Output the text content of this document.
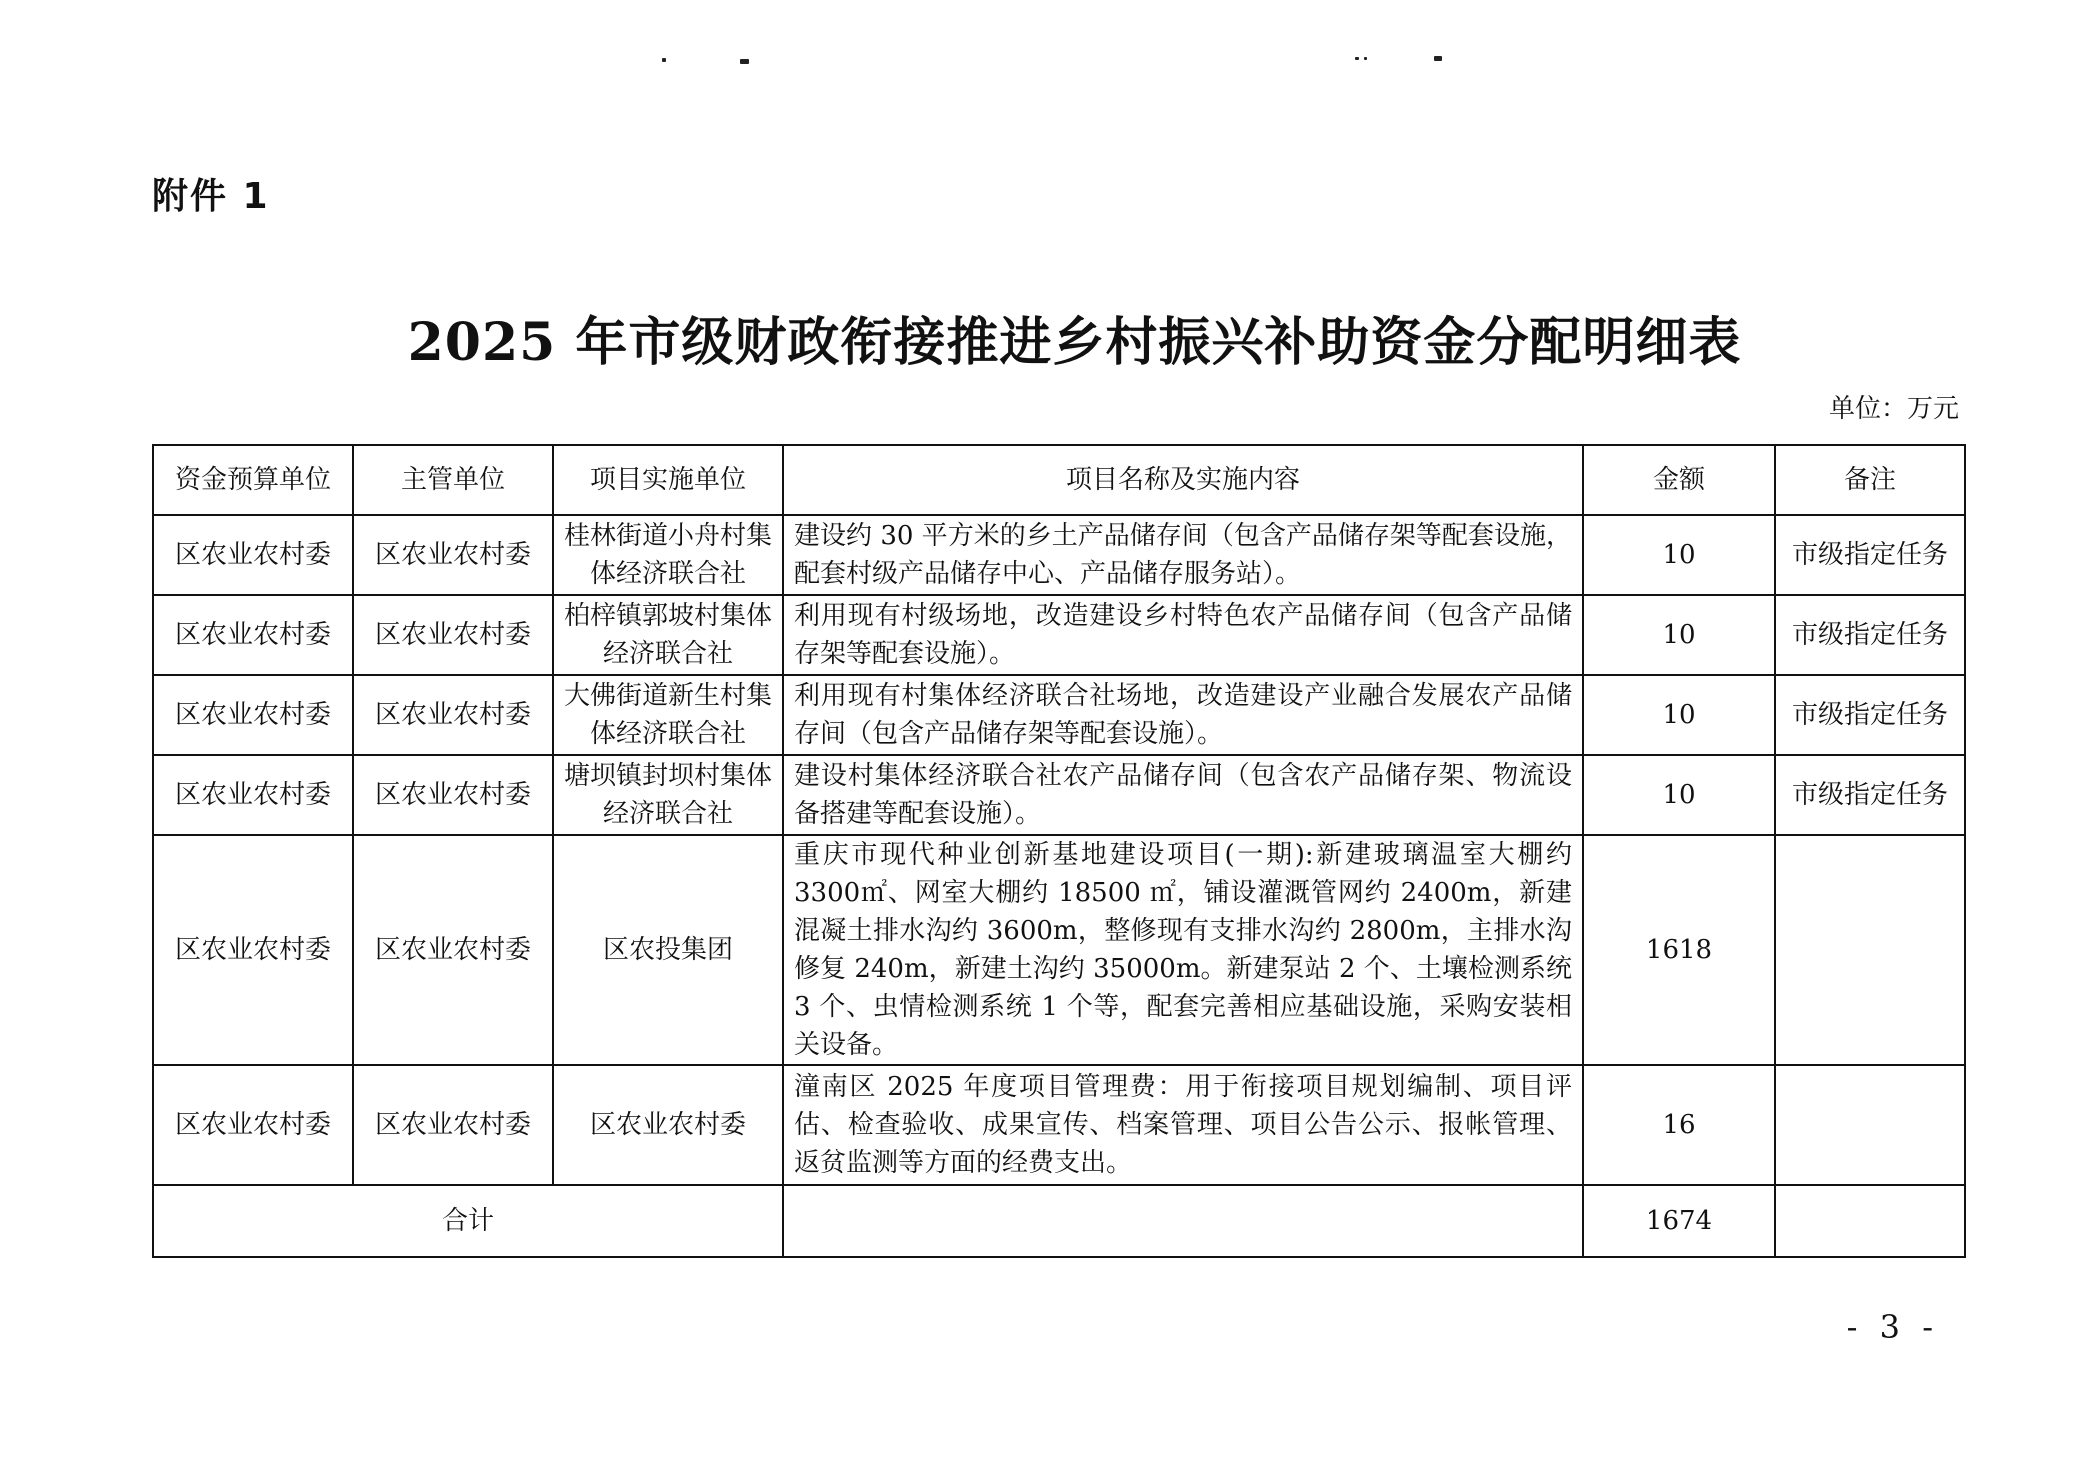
附件 1
2025 年市级财政衔接推进乡村振兴补助资金分配明细表
单位：万元
资金预算单位	主管单位	项目实施单位	项目名称及实施内容	金额	备注
区农业农村委	区农业农村委	桂林街道小舟村集体经济联合社	建设约 30 平方米的乡土产品储存间（包含产品储存架等配套设施，配套村级产品储存中心、产品储存服务站）。	10	市级指定任务
区农业农村委	区农业农村委	柏梓镇郭坡村集体经济联合社	利用现有村级场地，改造建设乡村特色农产品储存间（包含产品储存架等配套设施）。	10	市级指定任务
区农业农村委	区农业农村委	大佛街道新生村集体经济联合社	利用现有村集体经济联合社场地，改造建设产业融合发展农产品储存间（包含产品储存架等配套设施）。	10	市级指定任务
区农业农村委	区农业农村委	塘坝镇封坝村集体经济联合社	建设村集体经济联合社农产品储存间（包含农产品储存架、物流设备搭建等配套设施）。	10	市级指定任务
区农业农村委	区农业农村委	区农投集团	重庆市现代种业创新基地建设项目(一期):新建玻璃温室大棚约 3300㎡、网室大棚约 18500 ㎡，铺设灌溉管网约 2400m，新建混凝土排水沟约 3600m，整修现有支排水沟约 2800m，主排水沟修复 240m，新建土沟约 35000m。新建泵站 2 个、土壤检测系统 3 个、虫情检测系统 1 个等，配套完善相应基础设施，采购安装相关设备。	1618	
区农业农村委	区农业农村委	区农业农村委	潼南区 2025 年度项目管理费：用于衔接项目规划编制、项目评估、检查验收、成果宣传、档案管理、项目公告公示、报帐管理、返贫监测等方面的经费支出。	16	
合计				1674	
- 3 -
